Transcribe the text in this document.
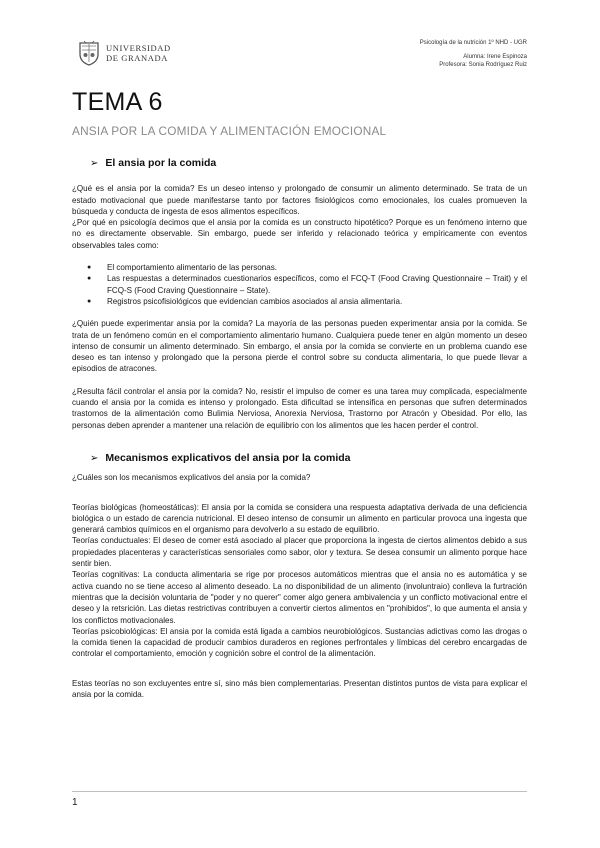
UNIVERSIDAD
DE GRANADA
Psicología de la nutrición 1º NHD - UGR
Alumna: Irene Espinoza
Profesora: Sonia Rodríguez Ruiz
TEMA 6
ANSIA POR LA COMIDA Y ALIMENTACIÓN EMOCIONAL
➢ El ansia por la comida

¿Qué es el ansia por la comida? Es un deseo intenso y prolongado de consumir un alimento determinado. Se trata de un estado motivacional que puede manifestarse tanto por factores fisiológicos como emocionales, los cuales promueven la búsqueda y conducta de ingesta de esos alimentos específicos.

¿Por qué en psicología decimos que el ansia por la comida es un constructo hipotético? Porque es un fenómeno interno que no es directamente observable. Sin embargo, puede ser inferido y relacionado teórica y empíricamente con eventos observables tales como:

● El comportamiento alimentario de las personas.
● Las respuestas a determinados cuestionarios específicos, como el FCQ-T (Food Craving Questionnaire – Trait) y el FCQ-S (Food Craving Questionnaire – State).
● Registros psicofisiológicos que evidencian cambios asociados al ansia alimentaria.

¿Quién puede experimentar ansia por la comida? La mayoría de las personas pueden experimentar ansia por la comida. Se trata de un fenómeno común en el comportamiento alimentario humano. Cualquiera puede tener en algún momento un deseo intenso de consumir un alimento determinado. Sin embargo, el ansia por la comida se convierte en un problema cuando ese deseo es tan intenso y prolongado que la persona pierde el control sobre su conducta alimentaria, lo que puede llevar a episodios de atracones.

¿Resulta fácil controlar el ansia por la comida? No, resistir el impulso de comer es una tarea muy complicada, especialmente cuando el ansia por la comida es intenso y prolongado. Esta dificultad se intensifica en personas que sufren determinados trastornos de la alimentación como Bulimia Nerviosa, Anorexia Nerviosa, Trastorno por Atracón y Obesidad. Por ello, las personas deben aprender a mantener una relación de equilibrio con los alimentos que les hacen perder el control.

➢ Mecanismos explicativos del ansia por la comida

¿Cuáles son los mecanismos explicativos del ansia por la comida?

Teorías biológicas (homeostáticas): El ansia por la comida se considera una respuesta adaptativa derivada de una deficiencia biológica o un estado de carencia nutricional. El deseo intenso de consumir un alimento en particular provoca una ingesta que generará cambios químicos en el organismo para devolverlo a su estado de equilibrio.

Teorías conductuales: El deseo de comer está asociado al placer que proporciona la ingesta de ciertos alimentos debido a sus propiedades placenteras y características sensoriales como sabor, olor y textura. Se desea consumir un alimento porque hace sentir bien.

Teorías cognitivas: La conducta alimentaria se rige por procesos automáticos mientras que el ansia no es automática y se activa cuando no se tiene acceso al alimento deseado. La no disponibilidad de un alimento (involuntraio) conlleva la furtración mientras que la decisión voluntaria de "poder y no querer" comer algo genera ambivalencia y un conflicto motivacional entre el deseo y la retsrición. Las dietas restrictivas contribuyen a convertir ciertos alimentos en "prohibidos", lo que aumenta el ansia y los conflictos motivacionales.

Teorías psicobiológicas: El ansia por la comida está ligada a cambios neurobiológicos. Sustancias adictivas como las drogas o la comida tienen la capacidad de producir cambios duraderos en regiones perfrontales y límbicas del cerebro encargadas de controlar el comportamiento, emoción y cognición sobre el control de la alimentación.

Estas teorías no son excluyentes entre sí, sino más bien complementarias. Presentan distintos puntos de vista para explicar el ansia por la comida.

1
